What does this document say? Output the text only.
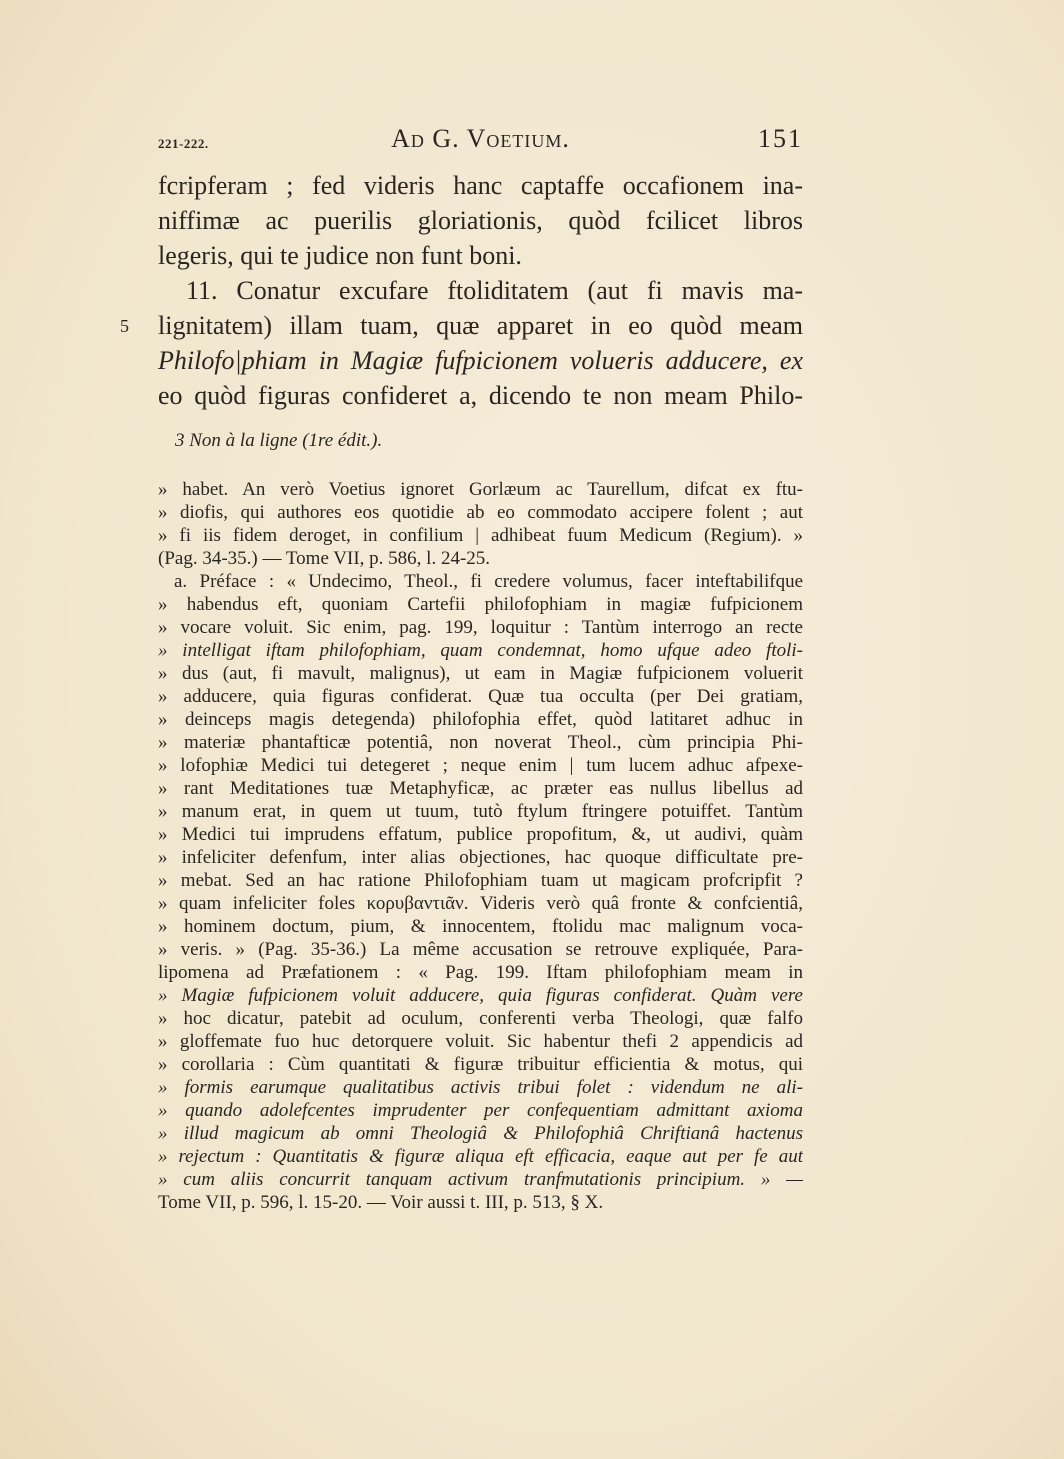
221-222.	Ad G. Voetium.	151
5

fcripferam ; fed videris hanc captaffe occafionem ina-
niffimæ ac puerilis gloriationis, quòd fcilicet libros
legeris, qui te judice non funt boni.
11. Conatur excufare ftoliditatem (aut fi mavis ma-
lignitatem) illam tuam, quæ apparet in eo quòd meam
Philofo|phiam in Magiæ fufpicionem volueris adducere, ex
eo quòd figuras confideret a, dicendo te non meam Philo-

3 Non à la ligne (1re édit.).
» habet. An verò Voetius ignoret Gorlæum ac Taurellum, difcat ex ftu-
» diofis, qui authores eos quotidie ab eo commodato accipere folent ; aut
» fi iis fidem deroget, in confilium | adhibeat fuum Medicum (Regium). »
(Pag. 34-35.) — Tome VII, p. 586, l. 24-25.
a. Préface : « Undecimo, Theol., fi credere volumus, facer inteftabilifque
» habendus eft, quoniam Cartefii philofophiam in magiæ fufpicionem
» vocare voluit. Sic enim, pag. 199, loquitur : Tantùm interrogo an recte
» intelligat iftam philofophiam, quam condemnat, homo ufque adeo ftoli-
» dus (aut, fi mavult, malignus), ut eam in Magiæ fufpicionem voluerit
» adducere, quia figuras confiderat. Quæ tua occulta (per Dei gratiam,
» deinceps magis detegenda) philofophia effet, quòd latitaret adhuc in
» materiæ phantafticæ potentiâ, non noverat Theol., cùm principia Phi-
» lofophiæ Medici tui detegeret ; neque enim | tum lucem adhuc afpexe-
» rant Meditationes tuæ Metaphyficæ, ac præter eas nullus libellus ad
» manum erat, in quem ut tuum, tutò ftylum ftringere potuiffet. Tantùm
» Medici tui imprudens effatum, publice propofitum, &, ut audivi, quàm
» infeliciter defenfum, inter alias objectiones, hac quoque difficultate pre-
» mebat. Sed an hac ratione Philofophiam tuam ut magicam profcripfit ?
» quam infeliciter foles κορυβαντιᾶν. Videris verò quâ fronte & confcientiâ,
» hominem doctum, pium, & innocentem, ftolidu mac malignum voca-
» veris. » (Pag. 35-36.) La même accusation se retrouve expliquée, Para-
lipomena ad Præfationem : « Pag. 199. Iftam philofophiam meam in
» Magiæ fufpicionem voluit adducere, quia figuras confiderat. Quàm vere
» hoc dicatur, patebit ad oculum, conferenti verba Theologi, quæ falfo
» gloffemate fuo huc detorquere voluit. Sic habentur thefi 2 appendicis ad
» corollaria : Cùm quantitati & figuræ tribuitur efficientia & motus, qui
» formis earumque qualitatibus activis tribui folet : videndum ne ali-
» quando adolefcentes imprudenter per confequentiam admittant axioma
» illud magicum ab omni Theologiâ & Philofophiâ Chriftianâ hactenus
» rejectum : Quantitatis & figuræ aliqua eft efficacia, eaque aut per fe aut
» cum aliis concurrit tanquam activum tranfmutationis principium. » —
Tome VII, p. 596, l. 15-20. — Voir aussi t. III, p. 513, § X.
